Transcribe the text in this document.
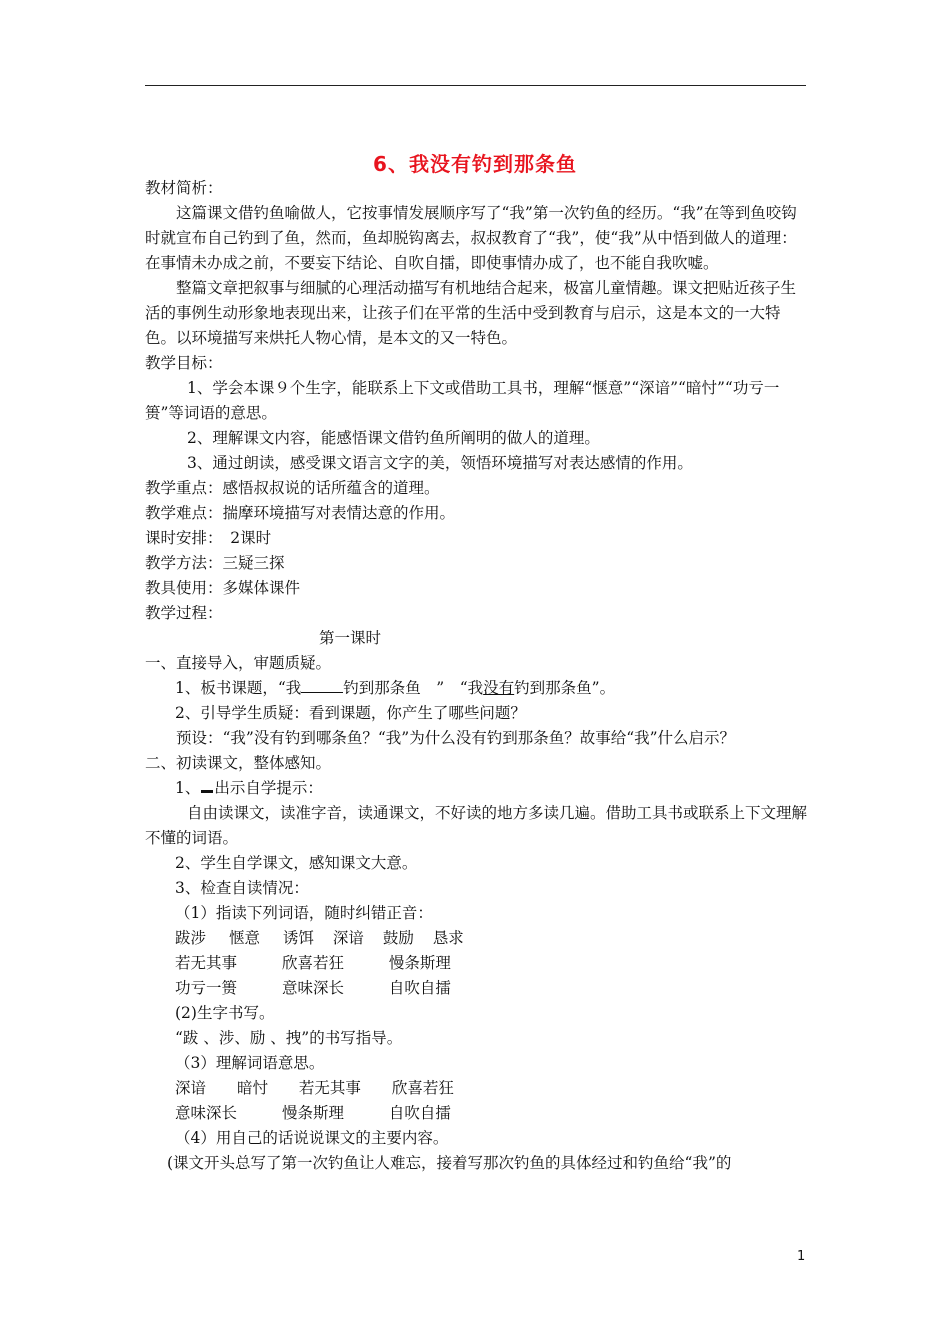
6、我没有钓到那条鱼

教材简析：

这篇课文借钓鱼喻做人，它按事情发展顺序写了“我”第一次钓鱼的经历。“我”在等到鱼咬钩时就宣布自己钓到了鱼，然而，鱼却脱钩离去，叔叔教育了“我”，使“我”从中悟到做人的道理：在事情未办成之前，不要妄下结论、自吹自擂，即使事情办成了，也不能自我吹嘘。

整篇文章把叙事与细腻的心理活动描写有机地结合起来，极富儿童情趣。课文把贴近孩子生活的事例生动形象地表现出来，让孩子们在平常的生活中受到教育与启示，这是本文的一大特色。以环境描写来烘托人物心情，是本文的又一特色。

教学目标：

1、学会本课９个生字，能联系上下文或借助工具书，理解“惬意”“深谙”“暗忖”“功亏一篑”等词语的意思。

2、理解课文内容，能感悟课文借钓鱼所阐明的做人的道理。

3、通过朗读，感受课文语言文字的美，领悟环境描写对表达感情的作用。

教学重点：感悟叔叔说的话所蕴含的道理。

教学难点：揣摩环境描写对表情达意的作用。

课时安排：　2课时

教学方法：三疑三探

教具使用：多媒体课件

教学过程：

第一课时

一、直接导入，审题质疑。

1、板书课题，“我	钓到那条鱼　”　“我没有钓到那条鱼”。

2、引导学生质疑：看到课题，你产生了哪些问题？

预设：“我”没有钓到哪条鱼？“我”为什么没有钓到那条鱼？故事给“我”什么启示？

二、初读课文，整体感知。

1、 出示自学提示：

自由读课文，读准字音，读通课文，不好读的地方多读几遍。借助工具书或联系上下文理解不懂的词语。

2、学生自学课文，感知课文大意。

3、检查自读情况：

（1）指读下列词语，随时纠错正音：

跋涉 惬意 诱饵 深谙 鼓励 恳求

若无其事	欣喜若狂	慢条斯理

功亏一篑	意味深长	自吹自擂

(2)生字书写。

“跋 、涉、励 、拽”的书写指导。

（3）理解词语意思。

深谙 暗忖 若无其事 欣喜若狂

意味深长	慢条斯理	自吹自擂

（4）用自己的话说说课文的主要内容。

(课文开头总写了第一次钓鱼让人难忘，接着写那次钓鱼的具体经过和钓鱼给“我”的

1
